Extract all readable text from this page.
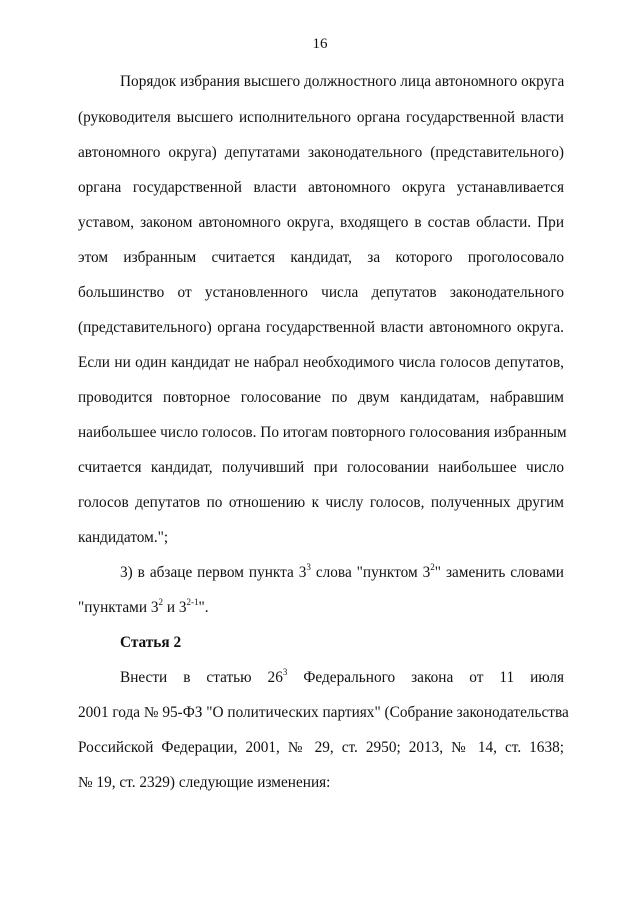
16
Порядок избрания высшего должностного лица автономного округа
(руководителя высшего исполнительного органа государственной власти
автономного округа) депутатами законодательного (представительного)
органа государственной власти автономного округа устанавливается
уставом, законом автономного округа, входящего в состав области. При
этом избранным считается кандидат, за которого проголосовало
большинство от установленного числа депутатов законодательного
(представительного) органа государственной власти автономного округа.
Если ни один кандидат не набрал необходимого числа голосов депутатов,
проводится повторное голосование по двум кандидатам, набравшим
наибольшее число голосов. По итогам повторного голосования избранным
считается кандидат, получивший при голосовании наибольшее число
голосов депутатов по отношению к числу голосов, полученных другим
кандидатом.";
3) в абзаце первом пункта $3^3$ слова "пунктом $3^2$" заменить словами
"пунктами $3^2$ и 3$^{2-1}$".
Статья 2
Внести в статью $26^3$ Федерального закона от 11 июля
2001 года № 95-ФЗ "О политических партиях" (Собрание законодательства
Российской Федерации, 2001, № 29, ст. 2950; 2013, № 14, ст. 1638;
№ 19, ст. 2329) следующие изменения:
